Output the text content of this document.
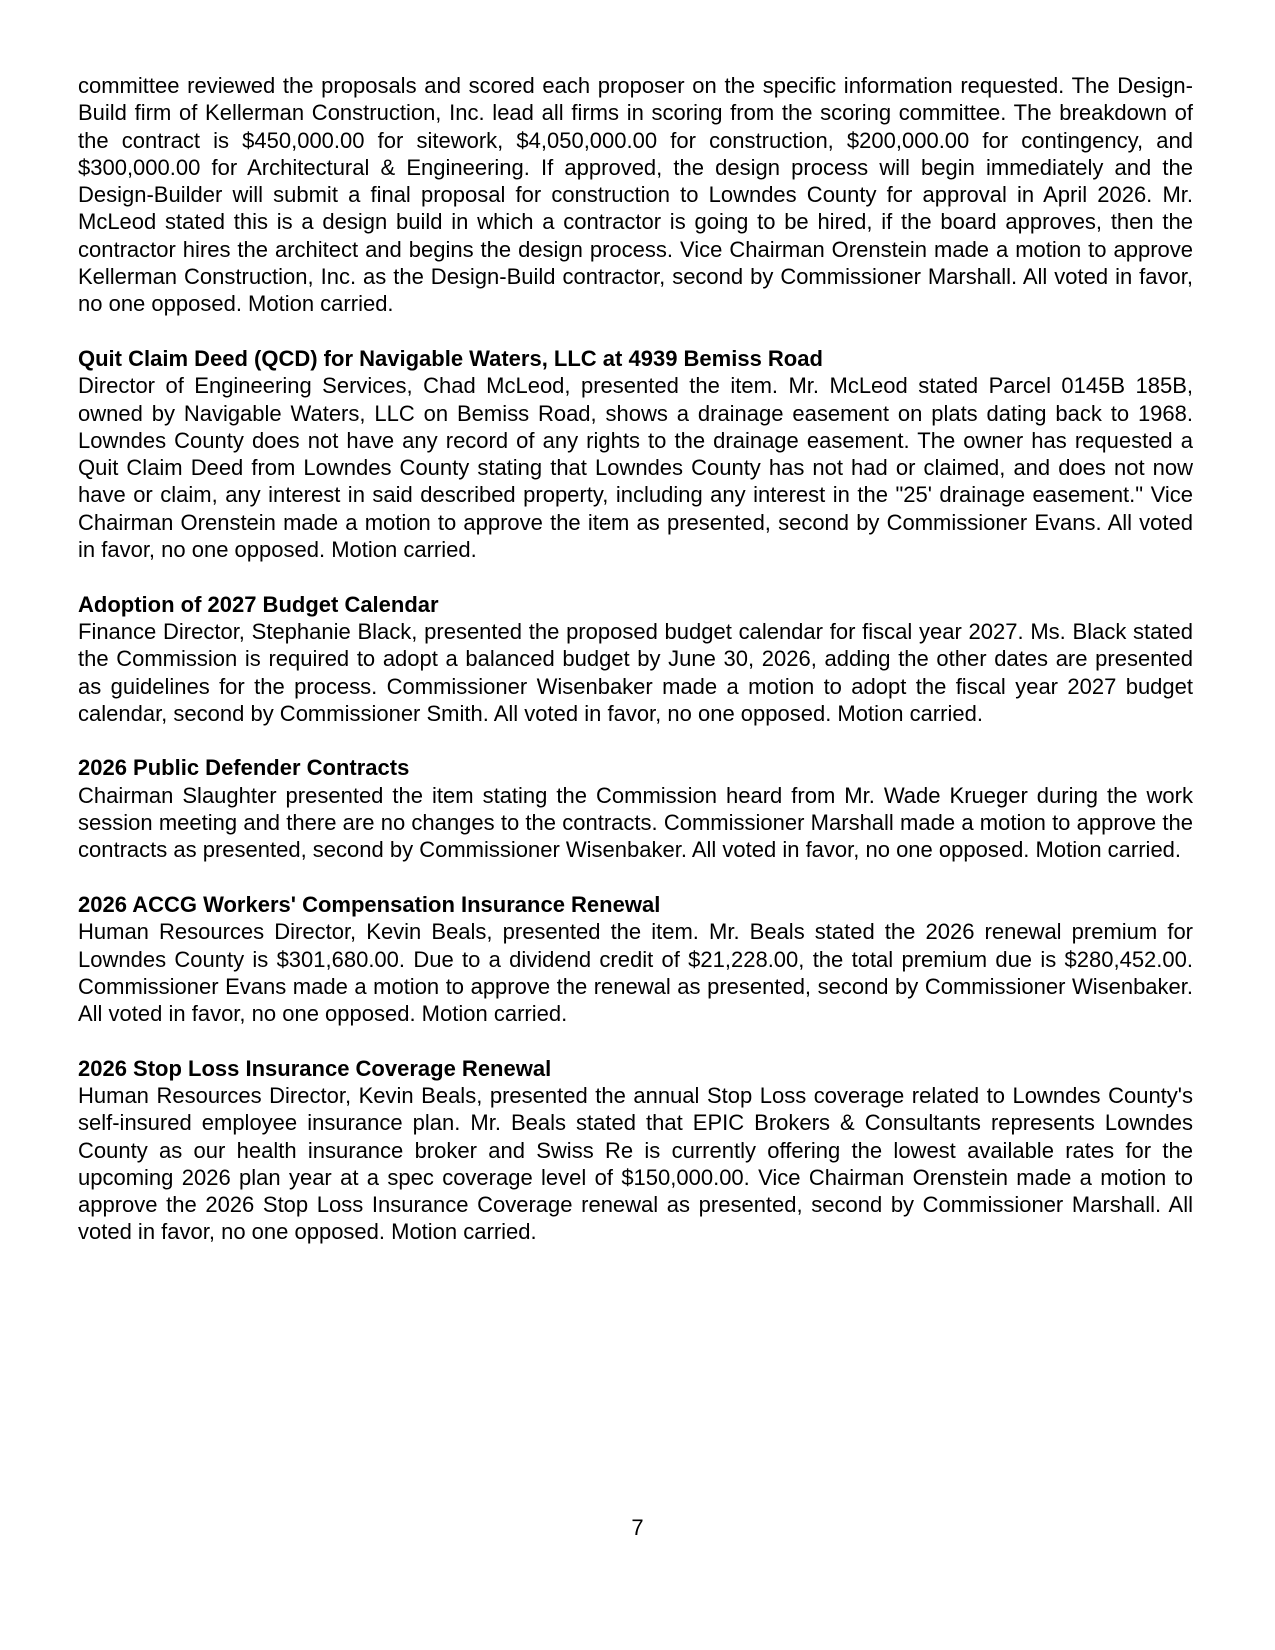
committee reviewed the proposals and scored each proposer on the specific information requested. The Design-Build firm of Kellerman Construction, Inc. lead all firms in scoring from the scoring committee. The breakdown of the contract is $450,000.00 for sitework, $4,050,000.00 for construction, $200,000.00 for contingency, and $300,000.00 for Architectural & Engineering. If approved, the design process will begin immediately and the Design-Builder will submit a final proposal for construction to Lowndes County for approval in April 2026. Mr. McLeod stated this is a design build in which a contractor is going to be hired, if the board approves, then the contractor hires the architect and begins the design process. Vice Chairman Orenstein made a motion to approve Kellerman Construction, Inc. as the Design-Build contractor, second by Commissioner Marshall. All voted in favor, no one opposed. Motion carried.

Quit Claim Deed (QCD) for Navigable Waters, LLC at 4939 Bemiss Road

Director of Engineering Services, Chad McLeod, presented the item. Mr. McLeod stated Parcel 0145B 185B, owned by Navigable Waters, LLC on Bemiss Road, shows a drainage easement on plats dating back to 1968. Lowndes County does not have any record of any rights to the drainage easement. The owner has requested a Quit Claim Deed from Lowndes County stating that Lowndes County has not had or claimed, and does not now have or claim, any interest in said described property, including any interest in the "25' drainage easement." Vice Chairman Orenstein made a motion to approve the item as presented, second by Commissioner Evans. All voted in favor, no one opposed. Motion carried.

Adoption of 2027 Budget Calendar

Finance Director, Stephanie Black, presented the proposed budget calendar for fiscal year 2027. Ms. Black stated the Commission is required to adopt a balanced budget by June 30, 2026, adding the other dates are presented as guidelines for the process. Commissioner Wisenbaker made a motion to adopt the fiscal year 2027 budget calendar, second by Commissioner Smith. All voted in favor, no one opposed. Motion carried.

2026 Public Defender Contracts

Chairman Slaughter presented the item stating the Commission heard from Mr. Wade Krueger during the work session meeting and there are no changes to the contracts. Commissioner Marshall made a motion to approve the contracts as presented, second by Commissioner Wisenbaker. All voted in favor, no one opposed. Motion carried.

2026 ACCG Workers' Compensation Insurance Renewal

Human Resources Director, Kevin Beals, presented the item. Mr. Beals stated the 2026 renewal premium for Lowndes County is $301,680.00. Due to a dividend credit of $21,228.00, the total premium due is $280,452.00. Commissioner Evans made a motion to approve the renewal as presented, second by Commissioner Wisenbaker. All voted in favor, no one opposed. Motion carried.

2026 Stop Loss Insurance Coverage Renewal

Human Resources Director, Kevin Beals, presented the annual Stop Loss coverage related to Lowndes County's self-insured employee insurance plan. Mr. Beals stated that EPIC Brokers & Consultants represents Lowndes County as our health insurance broker and Swiss Re is currently offering the lowest available rates for the upcoming 2026 plan year at a spec coverage level of $150,000.00. Vice Chairman Orenstein made a motion to approve the 2026 Stop Loss Insurance Coverage renewal as presented, second by Commissioner Marshall. All voted in favor, no one opposed. Motion carried.

7
